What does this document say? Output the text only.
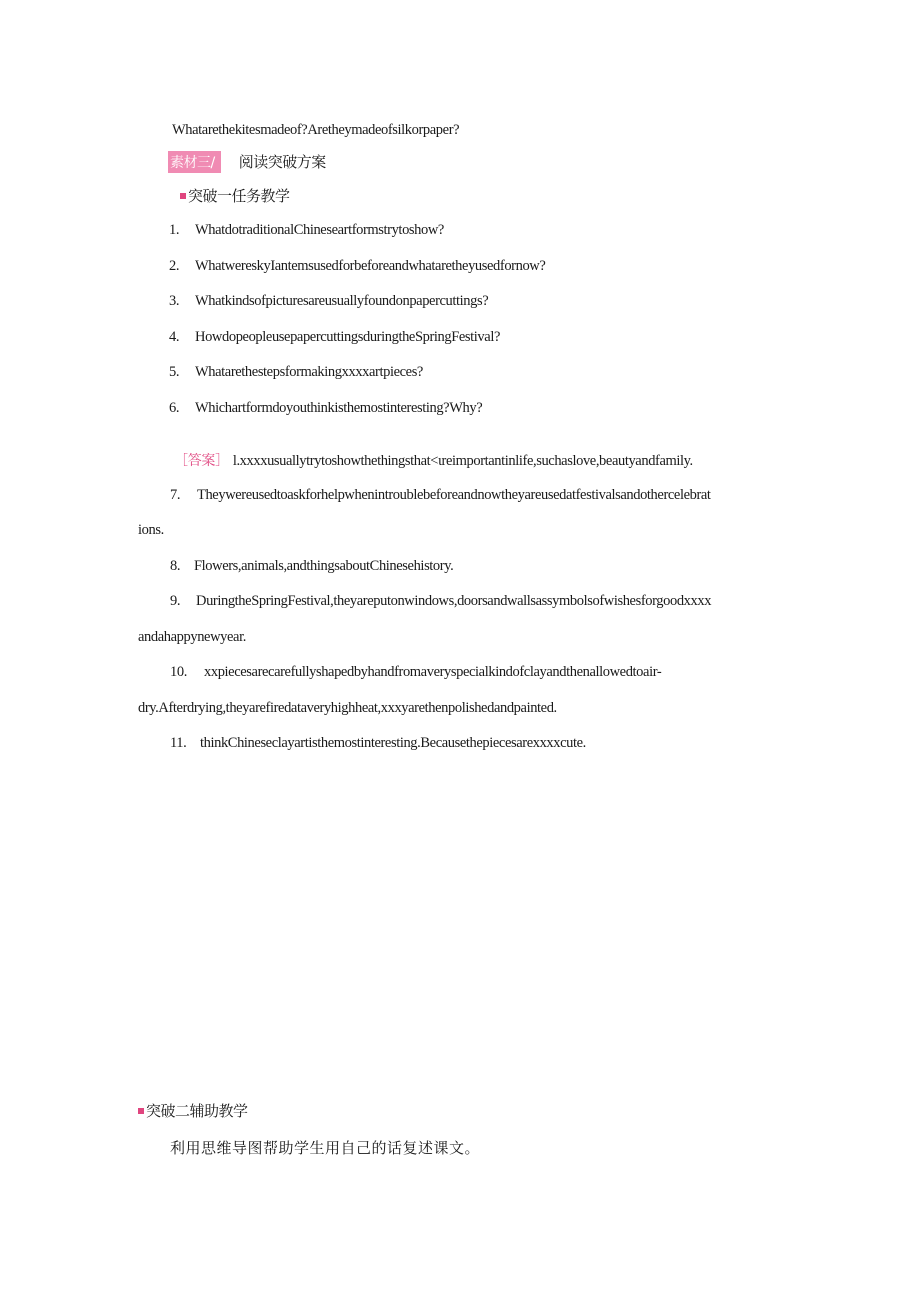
Whatarethekitesmadeof?Aretheymadeofsilkorpaper?
素材三/ 阅读突破方案
突破一任务教学
1. WhatdotraditionalChineseartformstrytoshow?
2. WhatwereskyIantemsusedforbeforeandwhataretheyusedfornow?
3. Whatkindsofpicturesareusuallyfoundonpapercuttings?
4. HowdopeopleusepapercuttingsduringtheSpringFestival?
5. Whatarethestepsformakingxxxxartpieces?
6. Whichartformdoyouthinkisthemostinteresting?Why?
［答案］ l.xxxxusuallytrytoshowthethingsthat<ιreimportantinlife,suchaslove,beautyandfamily.
7. Theywereusedtoaskforhelpwhenintroublebeforeandnowtheyareusedatfestivalsandothercelebrat
ions.
8. Flowers,animals,andthingsaboutChinesehistory.
9. DuringtheSpringFestival,theyareputonwindows,doorsandwallsassymbolsofwishesforgoodxxxx
andahappynewyear.
10. xxpiecesarecarefullyshapedbyhandfromaveryspecialkindofclayandthenallowedtoair-
dry.Afterdrying,theyarefiredataveryhighheat,xxxyarethenpolishedandpainted.
11. thinkChineseclayartisthemostinteresting.Becausethepiecesarexxxxcute.
突破二辅助教学
利用思维导图帮助学生用自己的话复述课文。
